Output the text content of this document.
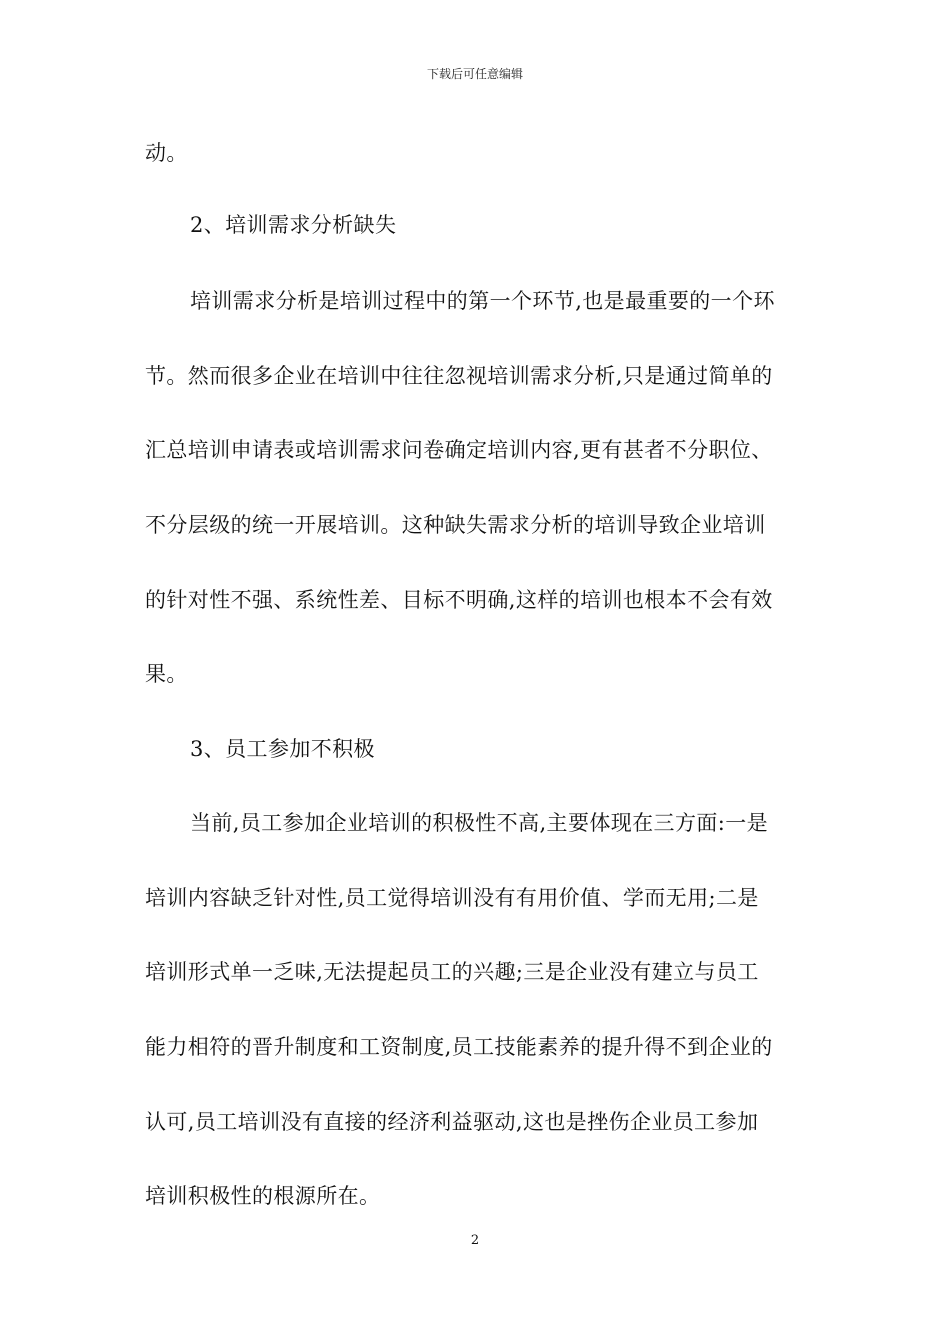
下载后可任意编辑
动。
2、培训需求分析缺失
培训需求分析是培训过程中的第一个环节,也是最重要的一个环
节。然而很多企业在培训中往往忽视培训需求分析,只是通过简单的
汇总培训申请表或培训需求问卷确定培训内容,更有甚者不分职位、
不分层级的统一开展培训。这种缺失需求分析的培训导致企业培训
的针对性不强、系统性差、目标不明确,这样的培训也根本不会有效
果。
3、员工参加不积极
当前,员工参加企业培训的积极性不高,主要体现在三方面:一是
培训内容缺乏针对性,员工觉得培训没有有用价值、学而无用;二是
培训形式单一乏味,无法提起员工的兴趣;三是企业没有建立与员工
能力相符的晋升制度和工资制度,员工技能素养的提升得不到企业的
认可,员工培训没有直接的经济利益驱动,这也是挫伤企业员工参加
培训积极性的根源所在。
2
